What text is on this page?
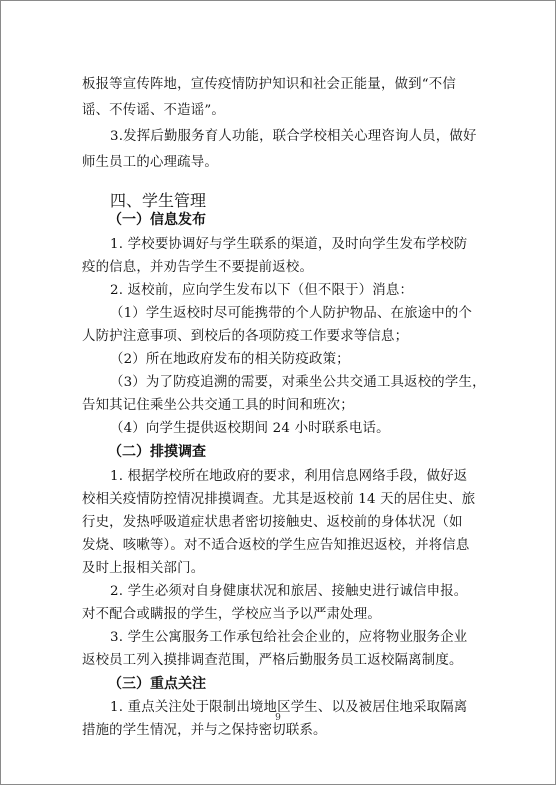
板报等宣传阵地，宣传疫情防护知识和社会正能量，做到“不信
谣、不传谣、不造谣”。
3.发挥后勤服务育人功能，联合学校相关心理咨询人员，做好
师生员工的心理疏导。
四、学生管理
（一）信息发布
1. 学校要协调好与学生联系的渠道，及时向学生发布学校防
疫的信息，并劝告学生不要提前返校。
2. 返校前，应向学生发布以下（但不限于）消息：
（1）学生返校时尽可能携带的个人防护物品、在旅途中的个
人防护注意事项、到校后的各项防疫工作要求等信息；
（2）所在地政府发布的相关防疫政策；
（3）为了防疫追溯的需要，对乘坐公共交通工具返校的学生，
告知其记住乘坐公共交通工具的时间和班次；
（4）向学生提供返校期间 24 小时联系电话。
（二）排摸调查
1. 根据学校所在地政府的要求，利用信息网络手段，做好返
校相关疫情防控情况排摸调查。尤其是返校前 14 天的居住史、旅
行史，发热呼吸道症状患者密切接触史、返校前的身体状况（如
发烧、咳嗽等）。对不适合返校的学生应告知推迟返校，并将信息
及时上报相关部门。
2. 学生必须对自身健康状况和旅居、接触史进行诚信申报。
对不配合或瞒报的学生，学校应当予以严肃处理。
3. 学生公寓服务工作承包给社会企业的，应将物业服务企业
返校员工列入摸排调查范围，严格后勤服务员工返校隔离制度。
（三）重点关注
1. 重点关注处于限制出境地区学生、以及被居住地采取隔离
措施的学生情况，并与之保持密切联系。
9
